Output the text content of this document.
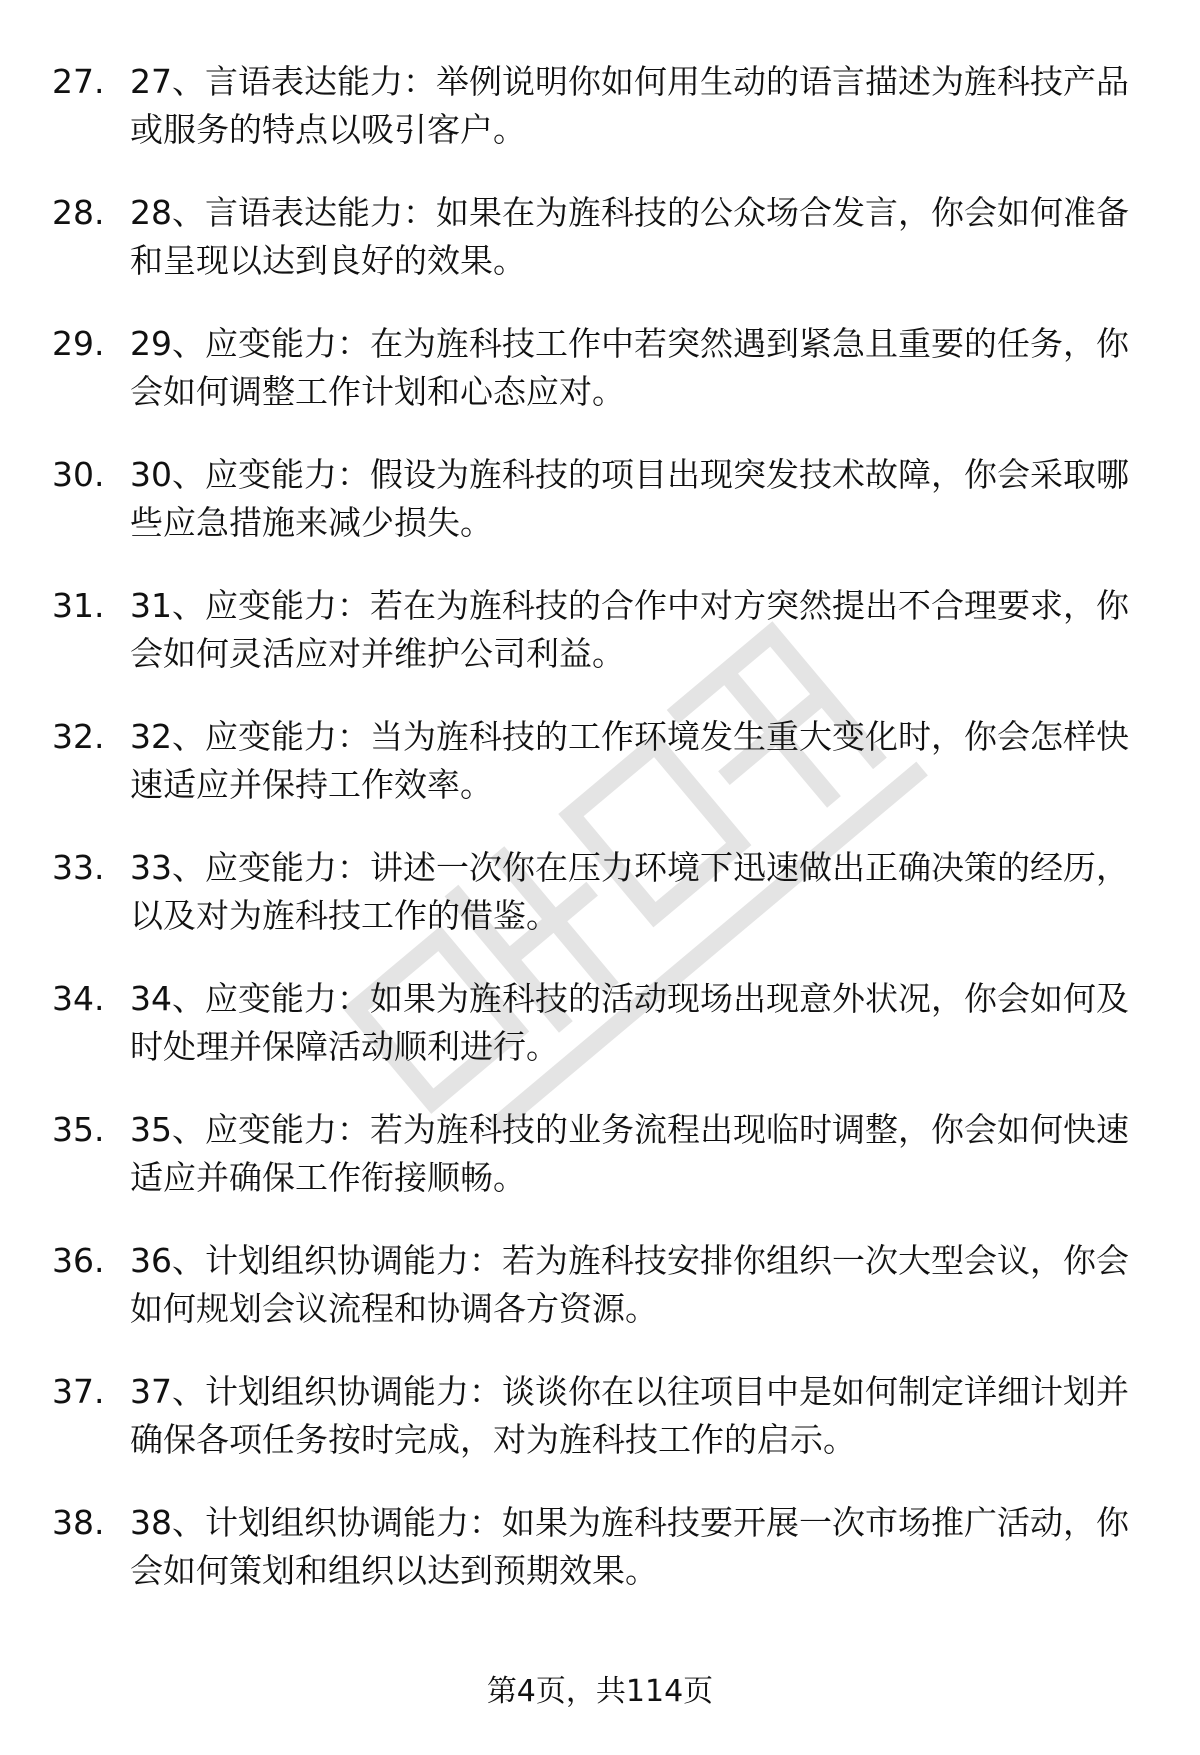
27. 27、言语表达能力：举例说明你如何用生动的语言描述为旌科技产品或服务的特点以吸引客户。
28. 28、言语表达能力：如果在为旌科技的公众场合发言，你会如何准备和呈现以达到良好的效果。
29. 29、应变能力：在为旌科技工作中若突然遇到紧急且重要的任务，你会如何调整工作计划和心态应对。
30. 30、应变能力：假设为旌科技的项目出现突发技术故障，你会采取哪些应急措施来减少损失。
31. 31、应变能力：若在为旌科技的合作中对方突然提出不合理要求，你会如何灵活应对并维护公司利益。
32. 32、应变能力：当为旌科技的工作环境发生重大变化时，你会怎样快速适应并保持工作效率。
33. 33、应变能力：讲述一次你在压力环境下迅速做出正确决策的经历，以及对为旌科技工作的借鉴。
34. 34、应变能力：如果为旌科技的活动现场出现意外状况，你会如何及时处理并保障活动顺利进行。
35. 35、应变能力：若为旌科技的业务流程出现临时调整，你会如何快速适应并确保工作衔接顺畅。
36. 36、计划组织协调能力：若为旌科技安排你组织一次大型会议，你会如何规划会议流程和协调各方资源。
37. 37、计划组织协调能力：谈谈你在以往项目中是如何制定详细计划并确保各项任务按时完成，对为旌科技工作的启示。
38. 38、计划组织协调能力：如果为旌科技要开展一次市场推广活动，你会如何策划和组织以达到预期效果。
第4页，共114页
